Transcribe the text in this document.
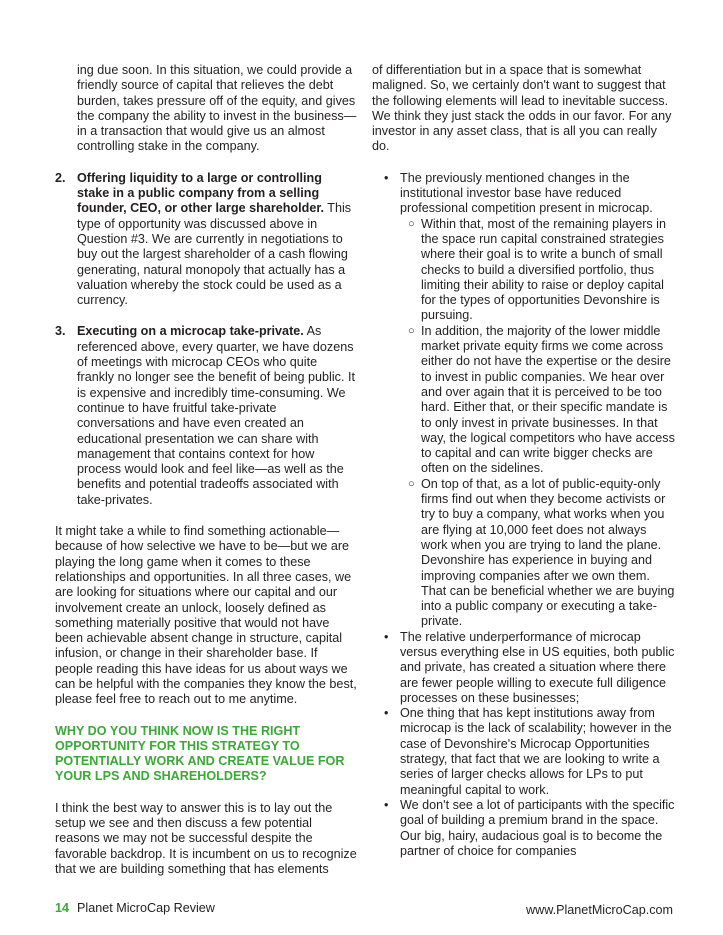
ing due soon. In this situation, we could provide a friendly source of capital that relieves the debt burden, takes pressure off of the equity, and gives the company the ability to invest in the business—in a transaction that would give us an almost controlling stake in the company.

2. Offering liquidity to a large or controlling stake in a public company from a selling founder, CEO, or other large shareholder. This type of opportunity was discussed above in Question #3. We are currently in negotiations to buy out the largest shareholder of a cash flowing generating, natural monopoly that actually has a valuation whereby the stock could be used as a currency.
3. Executing on a microcap take-private. As referenced above, every quarter, we have dozens of meetings with microcap CEOs who quite frankly no longer see the benefit of being public. It is expensive and incredibly time-consuming. We continue to have fruitful take-private conversations and have even created an educational presentation we can share with management that contains context for how process would look and feel like—as well as the benefits and potential tradeoffs associated with take-privates.

It might take a while to find something actionable—because of how selective we have to be—but we are playing the long game when it comes to these relationships and opportunities. In all three cases, we are looking for situations where our capital and our involvement create an unlock, loosely defined as something materially positive that would not have been achievable absent change in structure, capital infusion, or change in their shareholder base. If people reading this have ideas for us about ways we can be helpful with the companies they know the best, please feel free to reach out to me anytime.

WHY DO YOU THINK NOW IS THE RIGHT OPPORTUNITY FOR THIS STRATEGY TO POTENTIALLY WORK AND CREATE VALUE FOR YOUR LPS AND SHAREHOLDERS?

I think the best way to answer this is to lay out the setup we see and then discuss a few potential reasons we may not be successful despite the favorable backdrop. It is incumbent on us to recognize that we are building something that has elements

of differentiation but in a space that is somewhat maligned. So, we certainly don't want to suggest that the following elements will lead to inevitable success. We think they just stack the odds in our favor. For any investor in any asset class, that is all you can really do.

• The previously mentioned changes in the institutional investor base have reduced professional competition present in microcap.
○ Within that, most of the remaining players in the space run capital constrained strategies where their goal is to write a bunch of small checks to build a diversified portfolio, thus limiting their ability to raise or deploy capital for the types of opportunities Devonshire is pursuing.
○ In addition, the majority of the lower middle market private equity firms we come across either do not have the expertise or the desire to invest in public companies. We hear over and over again that it is perceived to be too hard. Either that, or their specific mandate is to only invest in private businesses. In that way, the logical competitors who have access to capital and can write bigger checks are often on the sidelines.
○ On top of that, as a lot of public-equity-only firms find out when they become activists or try to buy a company, what works when you are flying at 10,000 feet does not always work when you are trying to land the plane. Devonshire has experience in buying and improving companies after we own them. That can be beneficial whether we are buying into a public company or executing a take-private.
• The relative underperformance of microcap versus everything else in US equities, both public and private, has created a situation where there are fewer people willing to execute full diligence processes on these businesses;
• One thing that has kept institutions away from microcap is the lack of scalability; however in the case of Devonshire's Microcap Opportunities strategy, that fact that we are looking to write a series of larger checks allows for LPs to put meaningful capital to work.
• We don't see a lot of participants with the specific goal of building a premium brand in the space. Our big, hairy, audacious goal is to become the partner of choice for companies
14 Planet MicroCap Review	www.PlanetMicroCap.com
